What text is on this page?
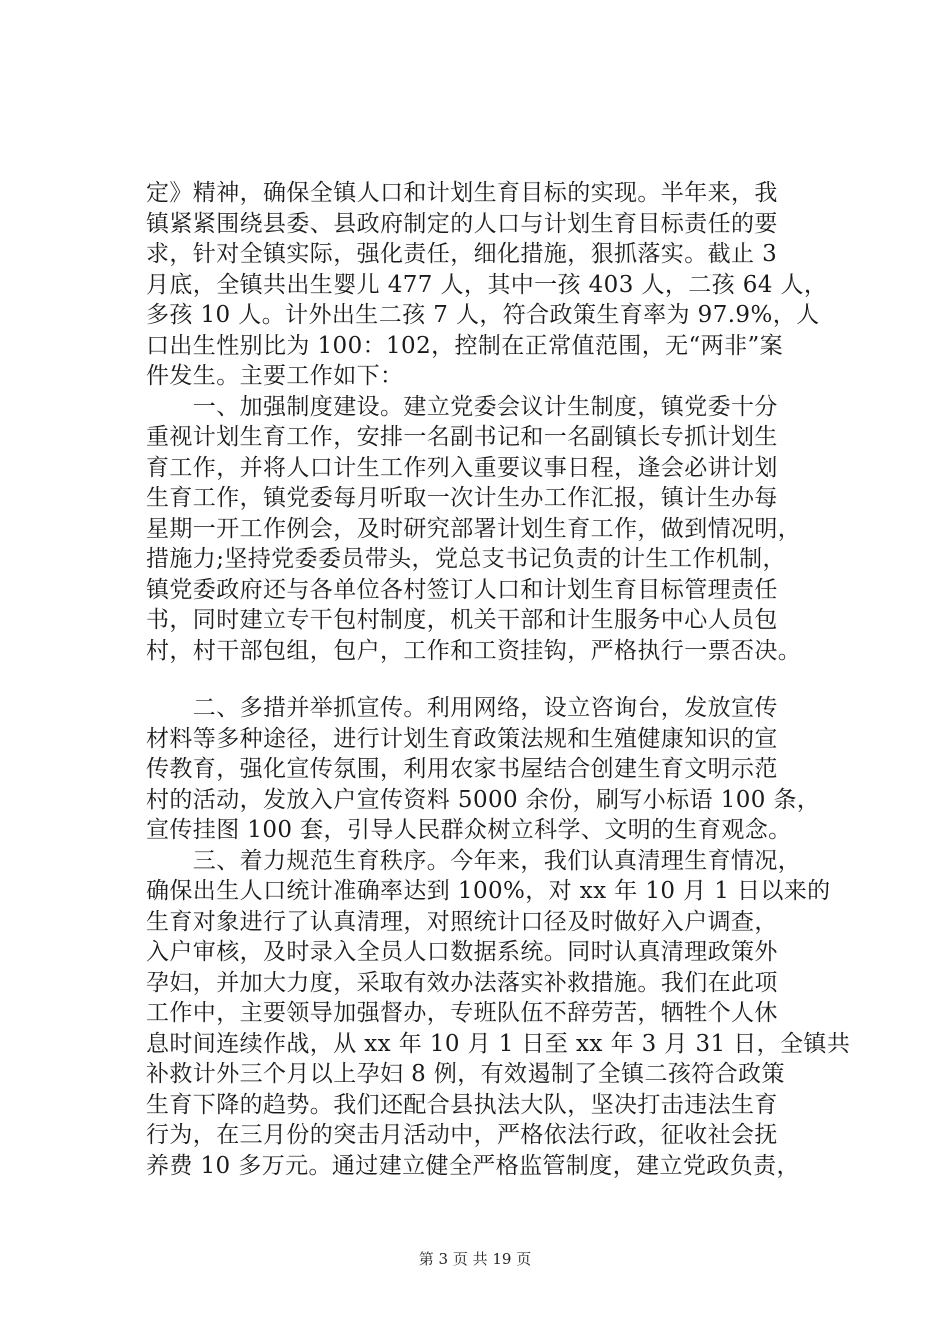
定》精神，确保全镇人口和计划生育目标的实现。半年来，我
镇紧紧围绕县委、县政府制定的人口与计划生育目标责任的要
求，针对全镇实际，强化责任，细化措施，狠抓落实。截止 3
月底，全镇共出生婴儿 477 人，其中一孩 403 人，二孩 64 人，
多孩 10 人。计外出生二孩 7 人，符合政策生育率为 97.9%，人
口出生性别比为 100：102，控制在正常值范围，无“两非”案
件发生。主要工作如下：
　　一、加强制度建设。建立党委会议计生制度，镇党委十分
重视计划生育工作，安排一名副书记和一名副镇长专抓计划生
育工作，并将人口计生工作列入重要议事日程，逢会必讲计划
生育工作，镇党委每月听取一次计生办工作汇报，镇计生办每
星期一开工作例会，及时研究部署计划生育工作，做到情况明，
措施力;坚持党委委员带头，党总支书记负责的计生工作机制，
镇党委政府还与各单位各村签订人口和计划生育目标管理责任
书，同时建立专干包村制度，机关干部和计生服务中心人员包
村，村干部包组，包户，工作和工资挂钩，严格执行一票否决。
　　二、多措并举抓宣传。利用网络，设立咨询台，发放宣传
材料等多种途径，进行计划生育政策法规和生殖健康知识的宣
传教育，强化宣传氛围，利用农家书屋结合创建生育文明示范
村的活动，发放入户宣传资料 5000 余份，刷写小标语 100 条，
宣传挂图 100 套，引导人民群众树立科学、文明的生育观念。
　　三、着力规范生育秩序。今年来，我们认真清理生育情况，
确保出生人口统计准确率达到 100%，对 xx 年 10 月 1 日以来的
生育对象进行了认真清理，对照统计口径及时做好入户调查，
入户审核，及时录入全员人口数据系统。同时认真清理政策外
孕妇，并加大力度，采取有效办法落实补救措施。我们在此项
工作中，主要领导加强督办，专班队伍不辞劳苦，牺牲个人休
息时间连续作战，从 xx 年 10 月 1 日至 xx 年 3 月 31 日，全镇共
补救计外三个月以上孕妇 8 例，有效遏制了全镇二孩符合政策
生育下降的趋势。我们还配合县执法大队，坚决打击违法生育
行为，在三月份的突击月活动中，严格依法行政，征收社会抚
养费 10 多万元。通过建立健全严格监管制度，建立党政负责，
第 3 页 共 19 页
